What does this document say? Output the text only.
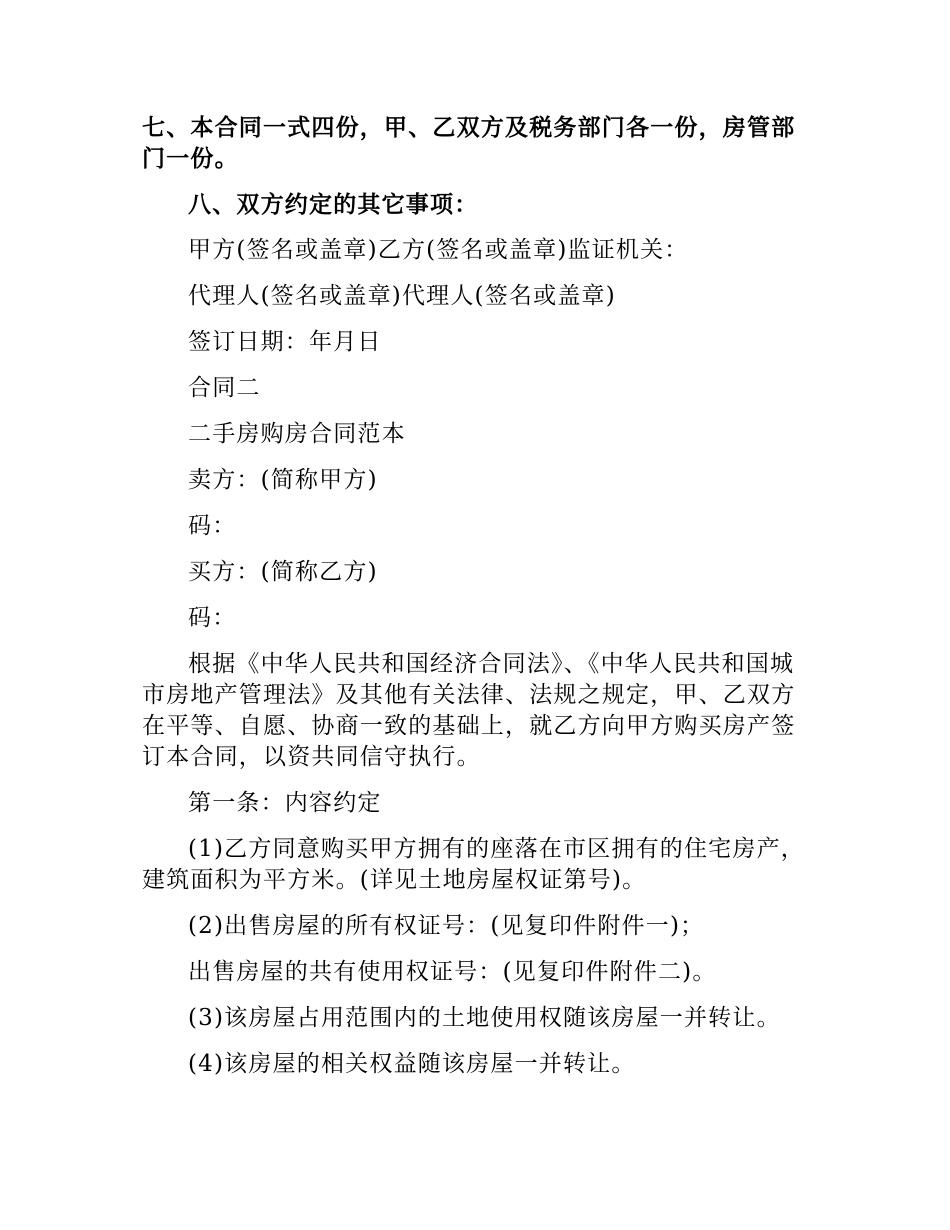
七、本合同一式四份，甲、乙双方及税务部门各一份，房管部门一份。

八、双方约定的其它事项：

甲方(签名或盖章)乙方(签名或盖章)监证机关：

代理人(签名或盖章)代理人(签名或盖章)

签订日期：年月日

合同二

二手房购房合同范本

卖方：(简称甲方)

码：

买方：(简称乙方)

码：

根据《中华人民共和国经济合同法》、《中华人民共和国城市房地产管理法》及其他有关法律、法规之规定，甲、乙双方在平等、自愿、协商一致的基础上，就乙方向甲方购买房产签订本合同，以资共同信守执行。

第一条：内容约定

(1)乙方同意购买甲方拥有的座落在市区拥有的住宅房产，建筑面积为平方米。(详见土地房屋权证第号)。

(2)出售房屋的所有权证号：(见复印件附件一)；

出售房屋的共有使用权证号：(见复印件附件二)。

(3)该房屋占用范围内的土地使用权随该房屋一并转让。

(4)该房屋的相关权益随该房屋一并转让。
